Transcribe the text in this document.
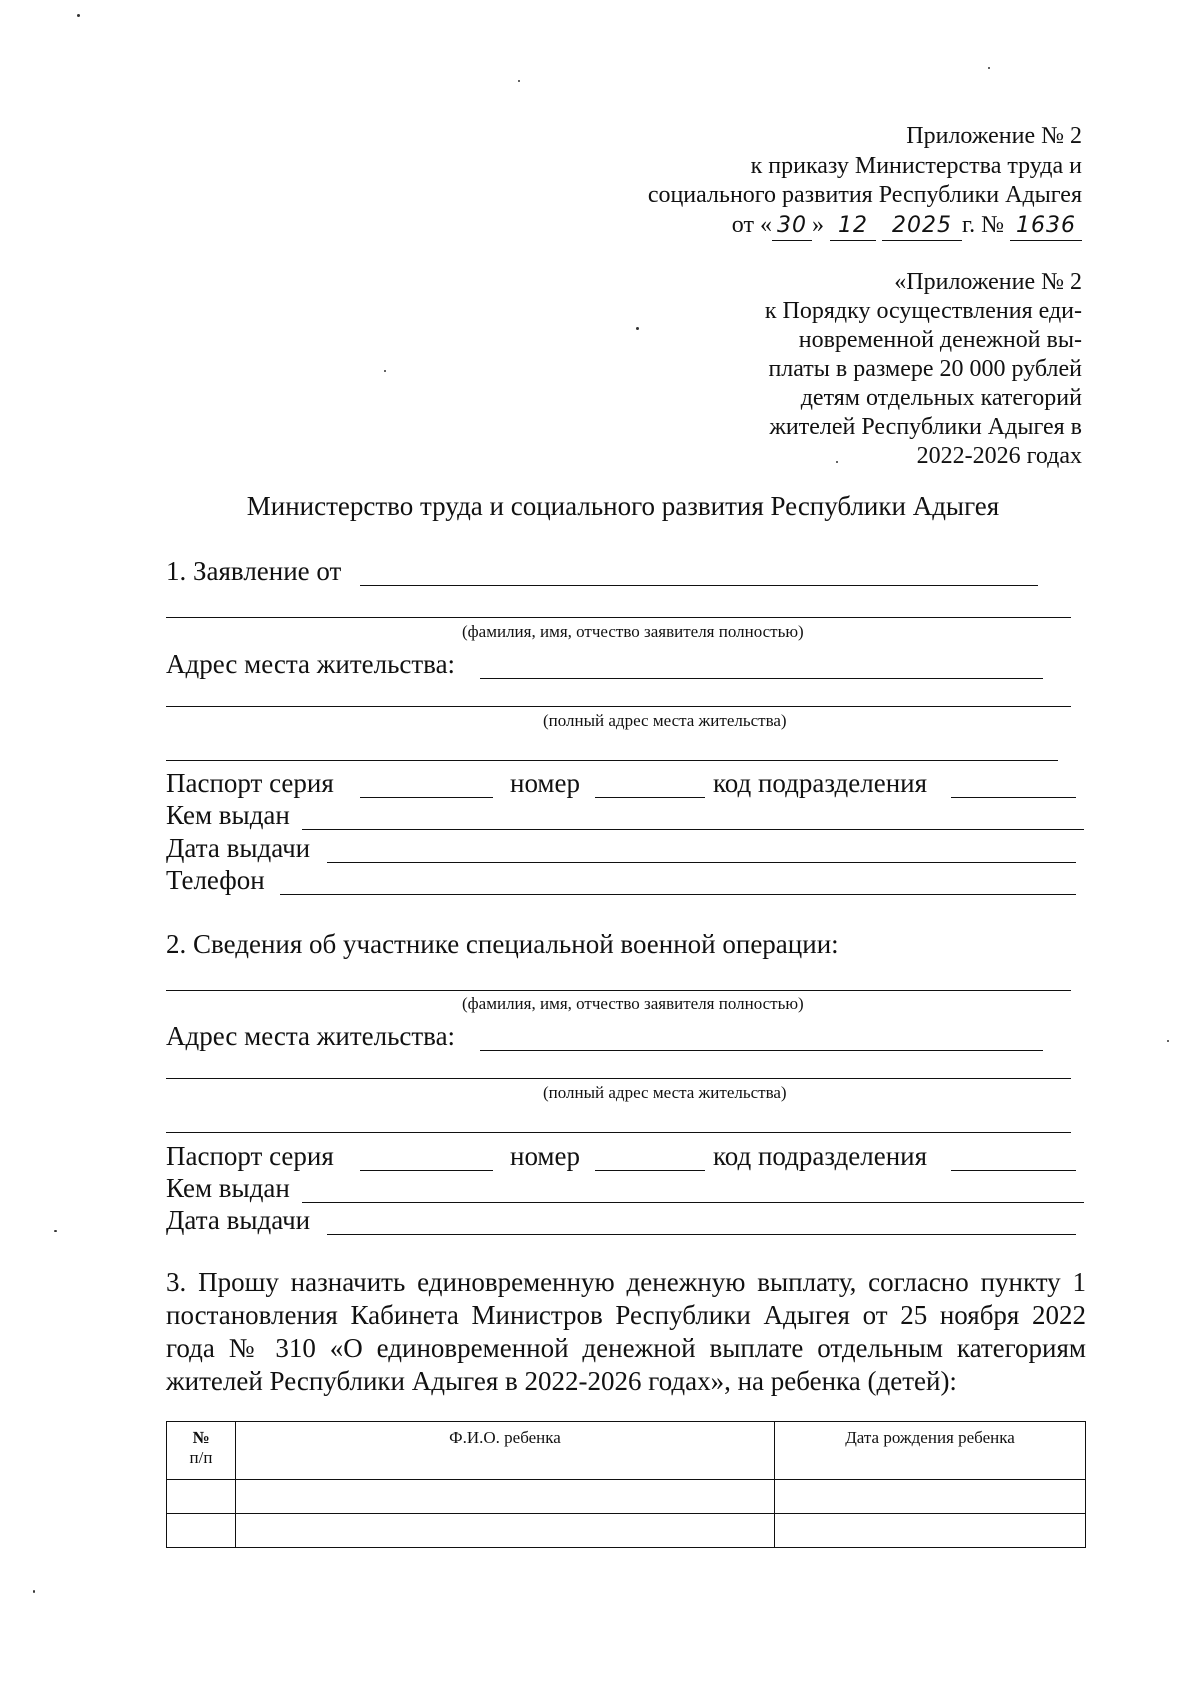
Приложение № 2
к приказу Министерства труда и
социального развития Республики Адыгея
от « 30 » 12 2025 г. № 1636
«Приложение № 2
к Порядку осуществления еди-
новременной денежной вы-
платы в размере 20 000 рублей
детям отдельных категорий
жителей Республики Адыгея в
2022-2026 годах
Министерство труда и социального развития Республики Адыгея
1. Заявление от
(фамилия, имя, отчество заявителя полностью)
Адрес места жительства:
(полный адрес места жительства)
Паспорт серия	номер	код подразделения
Кем выдан
Дата выдачи
Телефон
2. Сведения об участнике специальной военной операции:
(фамилия, имя, отчество заявителя полностью)
Адрес места жительства:
(полный адрес места жительства)
Паспорт серия	номер	код подразделения
Кем выдан
Дата выдачи
3. Прошу назначить единовременную денежную выплату, согласно пункту 1 постановления Кабинета Министров Республики Адыгея от 25 ноября 2022 года № 310 «О единовременной денежной выплате отдельным категориям жителей Республики Адыгея в 2022-2026 годах», на ребенка (детей):
№
п/п	Ф.И.О. ребенка	Дата рождения ребенка
